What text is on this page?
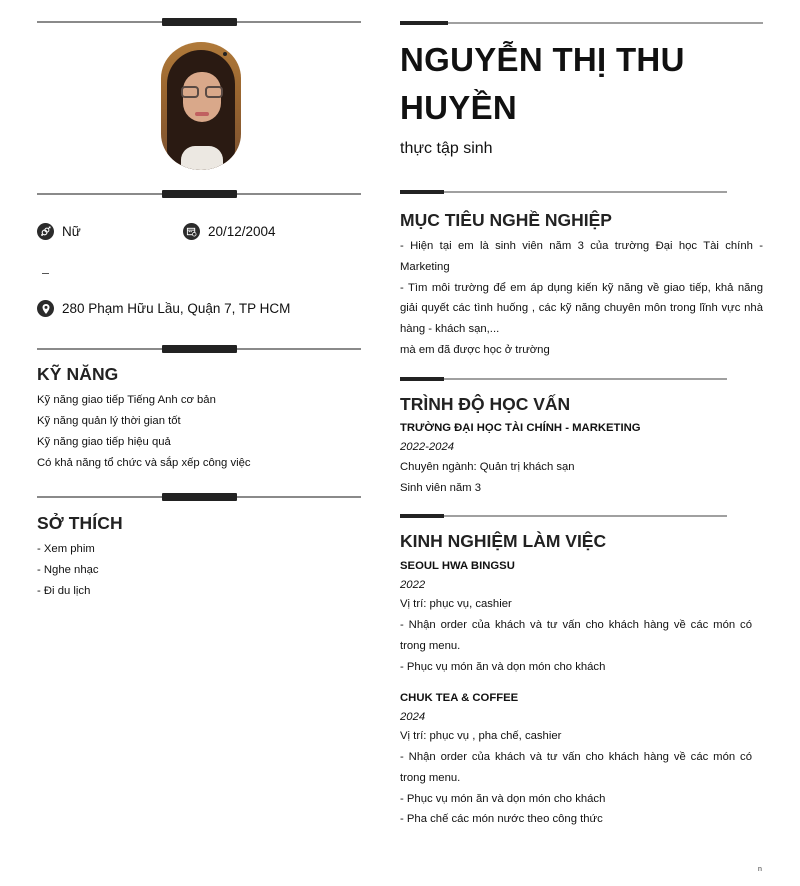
Nữ	20/12/2004
280 Phạm Hữu Lầu, Quận 7, TP HCM
KỸ NĂNG
Kỹ năng giao tiếp Tiếng Anh cơ bản
Kỹ năng quản lý thời gian tốt
Kỹ năng giao tiếp hiệu quả
Có khả năng tổ chức và sắp xếp công việc
SỞ THÍCH
- Xem phim
- Nghe nhạc
- Đi du lịch
NGUYỄN THỊ THU
HUYỀN
thực tập sinh
MỤC TIÊU NGHỀ NGHIỆP
- Hiện tại em là sinh viên năm 3 của trường Đại học Tài chính - Marketing
- Tìm môi trường để em áp dụng kiến kỹ năng về giao tiếp, khả năng giải quyết các tình huống , các kỹ năng chuyên môn trong lĩnh vực nhà hàng - khách sạn,...
mà em đã được học ở trường
TRÌNH ĐỘ HỌC VẤN
TRƯỜNG ĐẠI HỌC TÀI CHÍNH - MARKETING
2022-2024
Chuyên ngành: Quản trị khách sạn
Sinh viên năm 3
KINH NGHIỆM LÀM VIỆC
SEOUL HWA BINGSU
2022
Vị trí: phục vụ, cashier
- Nhận order của khách và tư vấn cho khách hàng về các món có trong menu.
- Phục vụ món ăn và dọn món cho khách
CHUK TEA & COFFEE
2024
Vị trí: phục vụ , pha chế, cashier
- Nhận order của khách và tư vấn cho khách hàng về các món có trong menu.
- Phục vụ món ăn và dọn món cho khách
- Pha chế các món nước theo công thức
n
